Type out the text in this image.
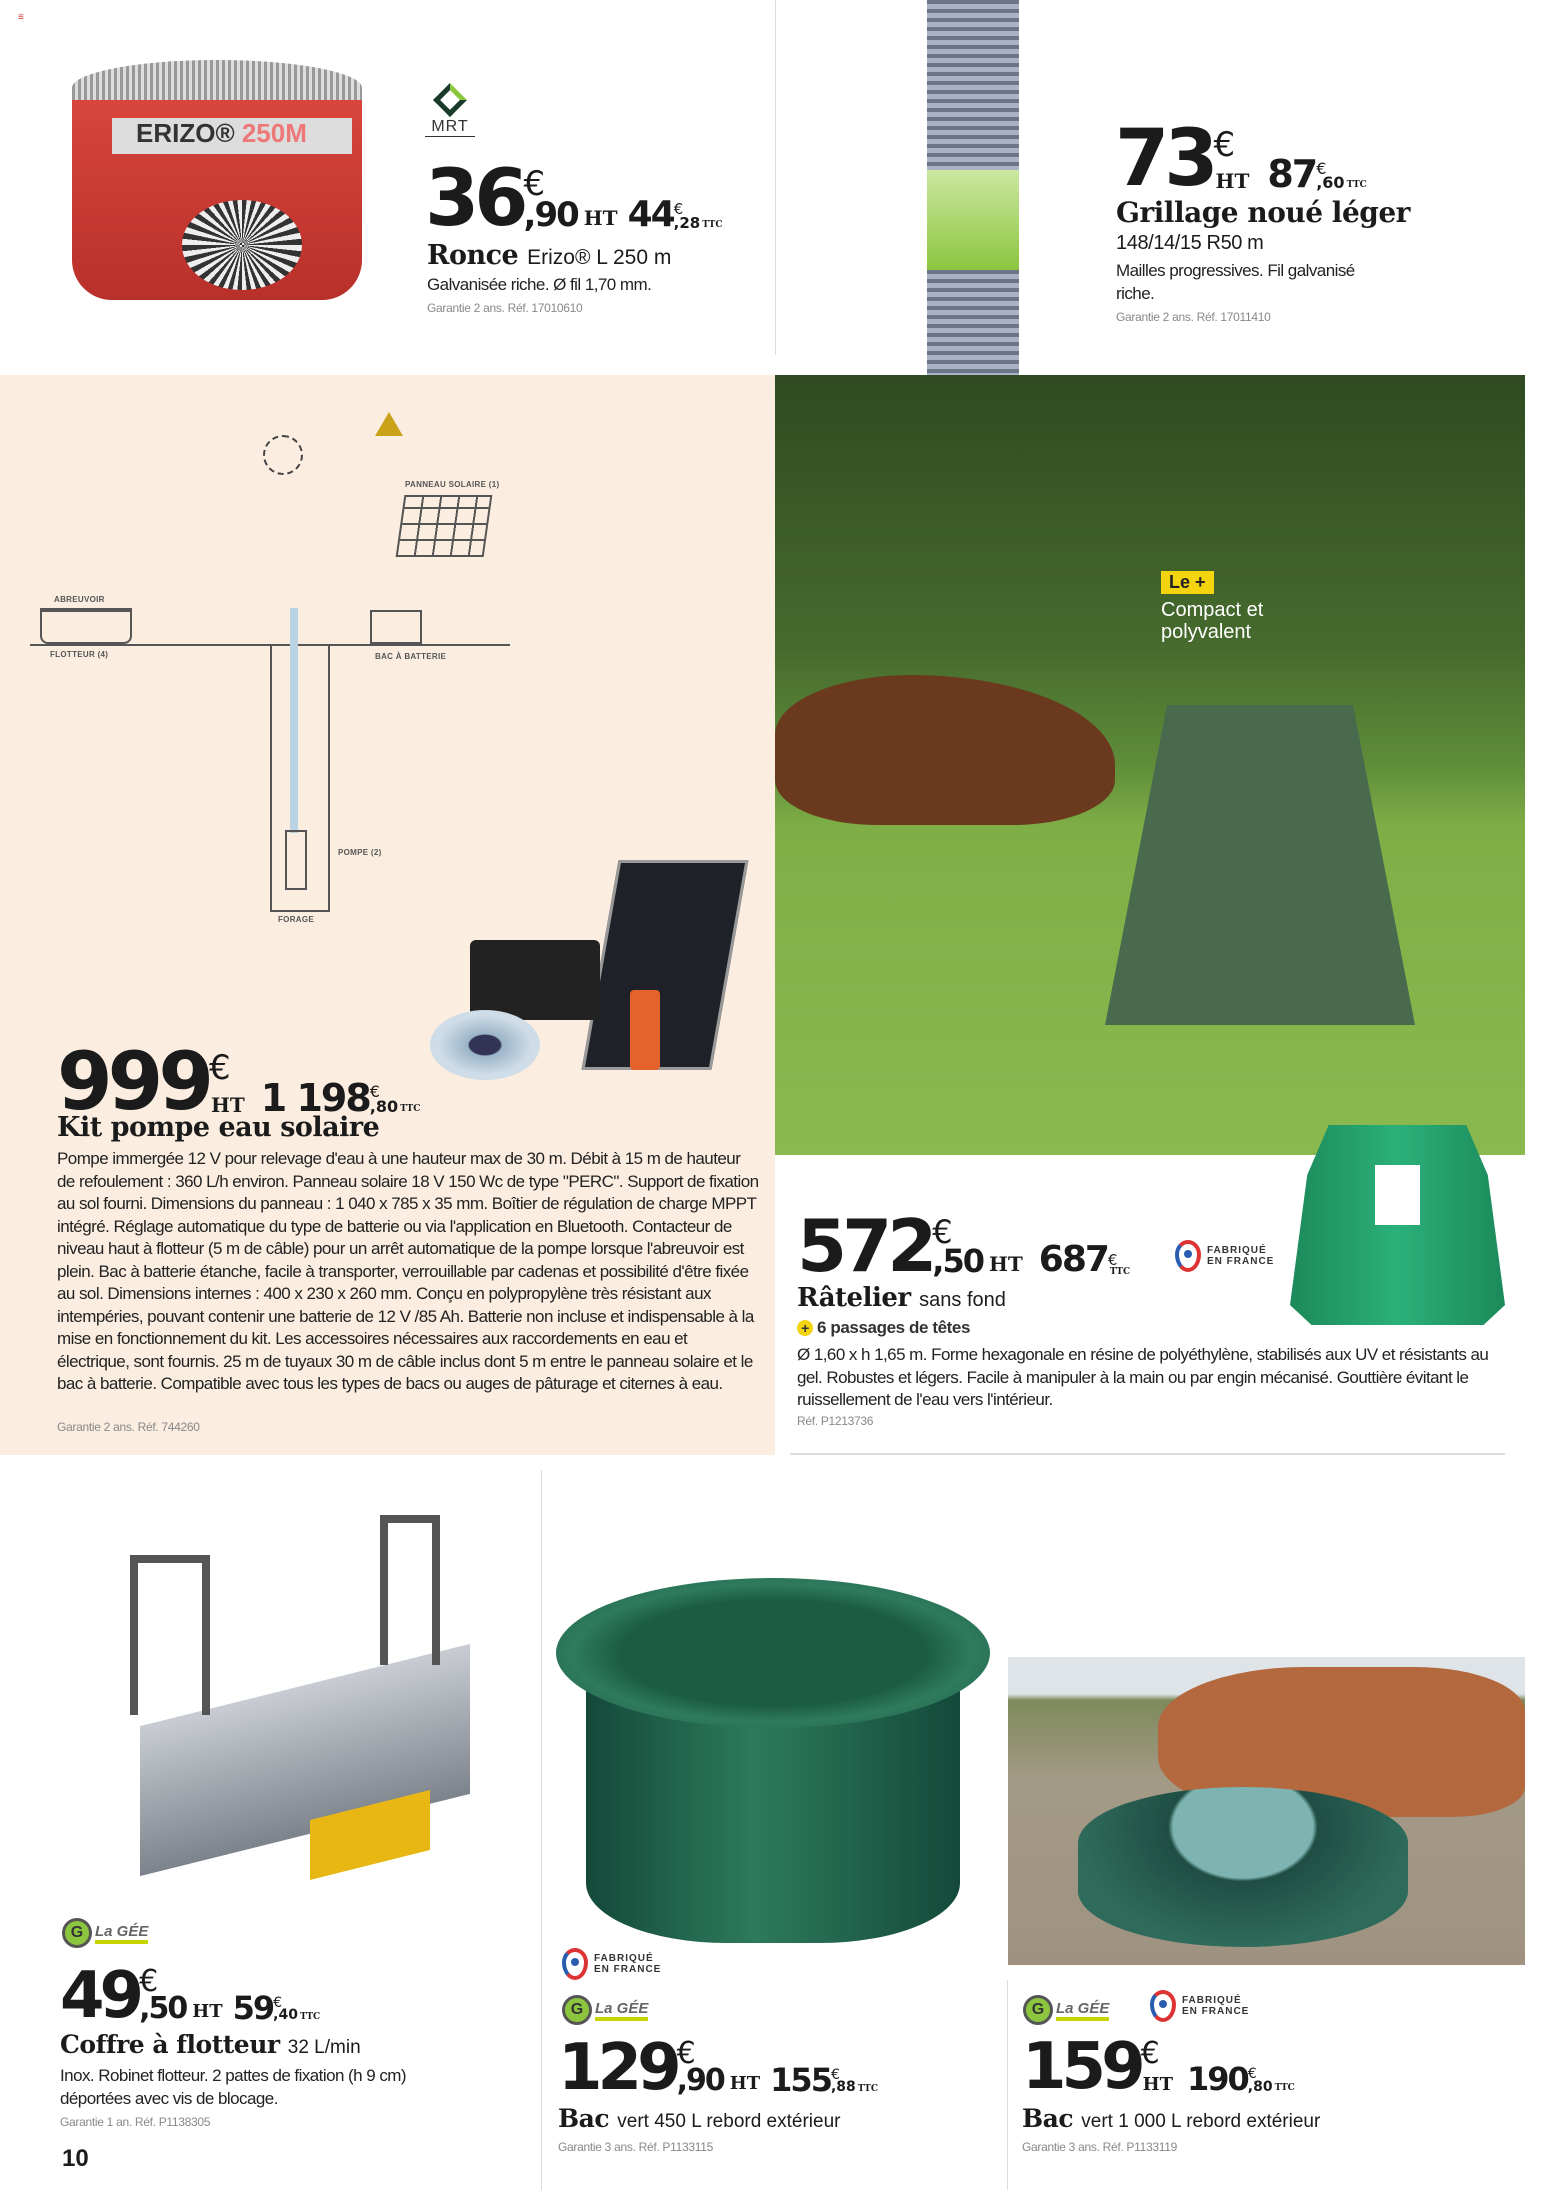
≡
ERIZO® 250M	MRT
36 €
,90 HT 44 €
,28 TTC
Ronce Erizo® L 250 m
Galvanisée riche. Ø fil 1,70 mm.
Garantie 2 ans. Réf. 17010610
73 €
HT 87 €
,60 TTC
Grillage noué léger
148/14/15 R50 m
Mailles progressives. Fil galvanisé riche.
Garantie 2 ans. Réf. 17011410
PANNEAU SOLAIRE (1)
ABREUVOIR
FLOTTEUR (4)	BAC À BATTERIE
POMPE (2)
FORAGE
999 €
HT 1 198 €
,80 TTC
Kit pompe eau solaire
Pompe immergée 12 V pour relevage d'eau à une hauteur max de 30 m. Débit à 15 m de hauteur de refoulement : 360 L/h environ. Panneau solaire 18 V 150 Wc de type "PERC". Support de fixation au sol fourni. Dimensions du panneau : 1 040 x 785 x 35 mm. Boîtier de régulation de charge MPPT intégré. Réglage automatique du type de batterie ou via l'application en Bluetooth. Contacteur de niveau haut à flotteur (5 m de câble) pour un arrêt automatique de la pompe lorsque l'abreuvoir est plein. Bac à batterie étanche, facile à transporter, verrouillable par cadenas et possibilité d'être fixée au sol. Dimensions internes : 400 x 230 x 260 mm. Conçu en polypropylène très résistant aux intempéries, pouvant contenir une batterie de 12 V /85 Ah. Batterie non incluse et indispensable à la mise en fonctionnement du kit. Les accessoires nécessaires aux raccordements en eau et électrique, sont fournis. 25 m de tuyaux 30 m de câble inclus dont 5 m entre le panneau solaire et le bac à batterie. Compatible avec tous les types de bacs ou auges de pâturage et citernes à eau.
Garantie 2 ans. Réf. 744260
Le +
Compact et polyvalent
572 €
,50 HT 687 €
TTC
FABRIQUÉ
EN FRANCE
Râtelier sans fond
+ 6 passages de têtes
Ø 1,60 x h 1,65 m. Forme hexagonale en résine de polyéthylène, stabilisés aux UV et résistants au gel. Robustes et légers. Facile à manipuler à la main ou par engin mécanisé. Gouttière évitant le ruissellement de l'eau vers l'intérieur.
Réf. P1213736
G La GÉE
49 €
,50 HT 59 €
,40 TTC
Coffre à flotteur 32 L/min
Inox. Robinet flotteur. 2 pattes de fixation (h 9 cm) déportées avec vis de blocage.
Garantie 1 an. Réf. P1138305
10
FABRIQUÉ
EN FRANCE
G La GÉE
129 €
,90 HT 155 €
,88 TTC
Bac vert 450 L rebord extérieur
Garantie 3 ans. Réf. P1133115
G La GÉE	FABRIQUÉ
EN FRANCE
159 €
HT 190 €
,80 TTC
Bac vert 1 000 L rebord extérieur
Garantie 3 ans. Réf. P1133119
